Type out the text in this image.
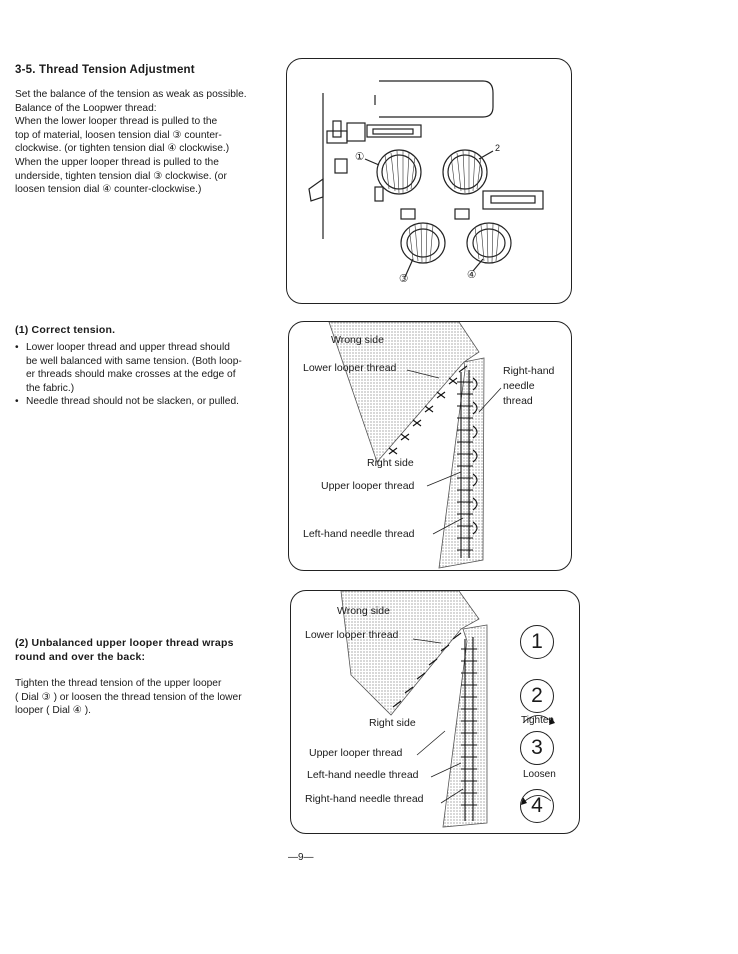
3-5. Thread Tension Adjustment
Set the balance of the tension as weak as possible.
Balance of the Loopwer thread:
When the lower looper thread is pulled to the
top of material, loosen tension dial ③ counter-
clockwise. (or tighten tension dial ④ clockwise.)
When the upper looper thread is pulled to the
underside, tighten tension dial ③ clockwise. (or
loosen tension dial ④ counter-clockwise.)
(1) Correct tension.
• Lower looper thread and upper thread should
be well balanced with same tension. (Both loop-
er threads should make crosses at the edge of
the fabric.)
• Needle thread should not be slacken, or pulled.
(2) Unbalanced upper looper thread wraps
round and over the back:
Tighten the thread tension of the upper looper
( Dial ③ ) or loosen the thread tension of the lower
looper ( Dial ④ ).
①
2
③	④
Wrong side
Lower looper thread	Right-hand
needle
thread
Right side
Upper looper thread
Left-hand needle thread
Wrong side
Lower looper thread
Right side
Upper looper thread
Left-hand needle thread
Right-hand needle thread
1
2
Tighten
3
Loosen
4
—9—
